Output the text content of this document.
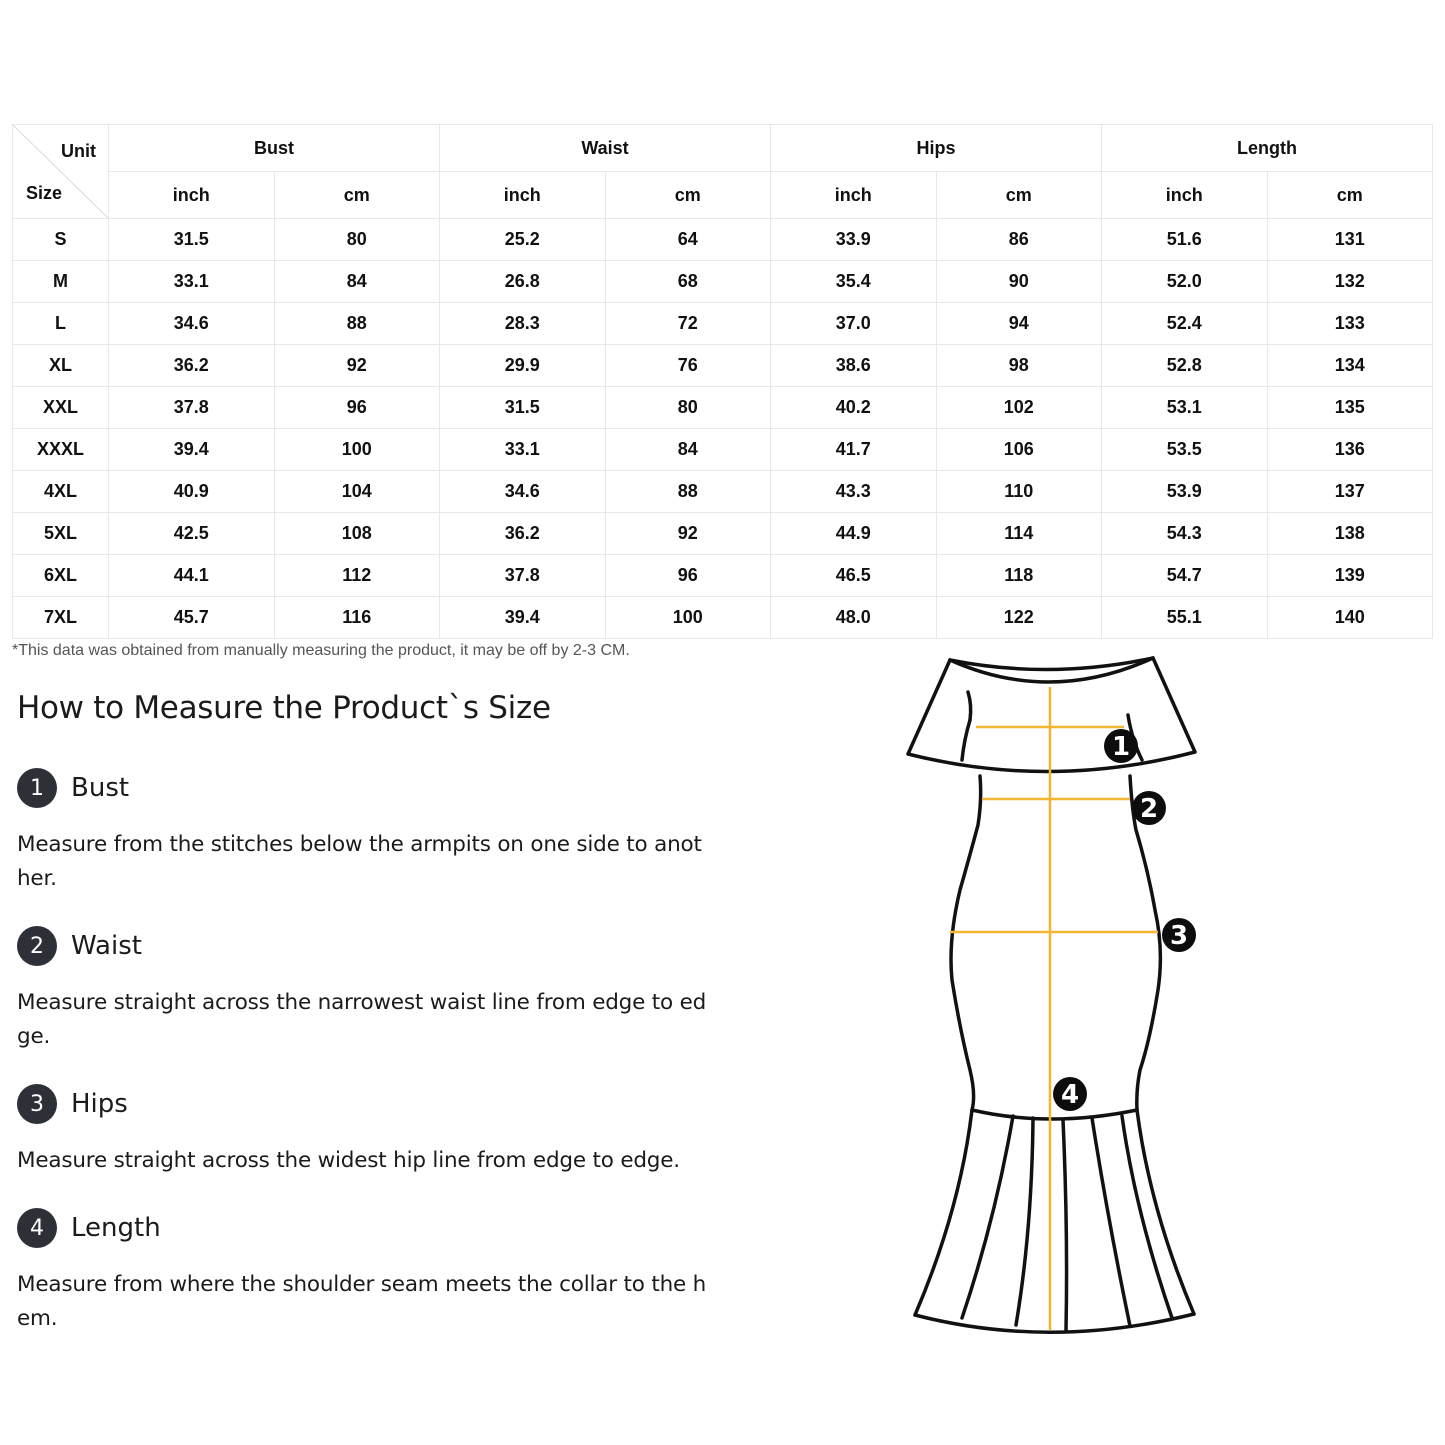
Unit
Size	Bust		Waist		Hips		Length	
	inch	cm	inch	cm	inch	cm	inch	cm
S	31.5	80	25.2	64	33.9	86	51.6	131
M	33.1	84	26.8	68	35.4	90	52.0	132
L	34.6	88	28.3	72	37.0	94	52.4	133
XL	36.2	92	29.9	76	38.6	98	52.8	134
XXL	37.8	96	31.5	80	40.2	102	53.1	135
XXXL	39.4	100	33.1	84	41.7	106	53.5	136
4XL	40.9	104	34.6	88	43.3	110	53.9	137
5XL	42.5	108	36.2	92	44.9	114	54.3	138
6XL	44.1	112	37.8	96	46.5	118	54.7	139
7XL	45.7	116	39.4	100	48.0	122	55.1	140
*This data was obtained from manually measuring the product, it may be off by 2-3 CM.
How to Measure the Product`s Size
1	Bust
Measure from the stitches below the armpits on one side to anot her.
2	Waist
Measure straight across the narrowest waist line from edge to ed ge.
3	Hips
Measure straight across the widest hip line from edge to edge.
4	Length
Measure from where the shoulder seam meets the collar to the h em.
1
2
3
4
